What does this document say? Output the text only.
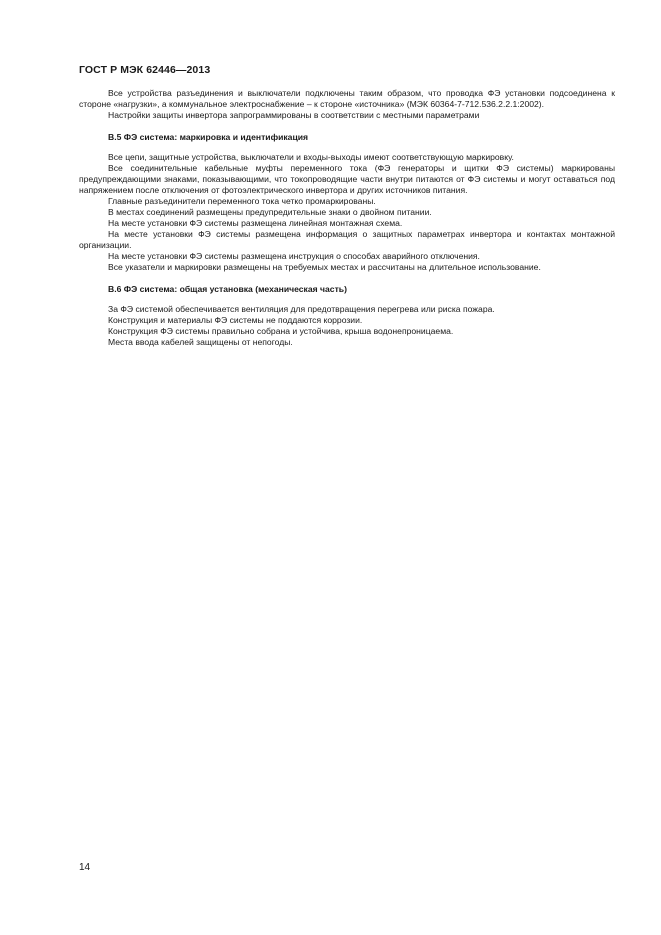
ГОСТ Р МЭК 62446—2013

Все устройства разъединения и выключатели подключены таким образом, что проводка ФЭ установки подсоединена к стороне «нагрузки», а коммунальное электроснабжение – к стороне «источника» (МЭК 60364-7-712.536.2.2.1:2002).

Настройки защиты инвертора запрограммированы в соответствии с местными параметрами

В.5 ФЭ система: маркировка и идентификация

Все цепи, защитные устройства, выключатели и входы-выходы имеют соответствующую маркировку.

Все соединительные кабельные муфты переменного тока (ФЭ генераторы и щитки ФЭ системы) маркированы предупреждающими знаками, показывающими, что токопроводящие части внутри питаются от ФЭ системы и могут оставаться под напряжением после отключения от фотоэлектрического инвертора и других источников питания.

Главные разъединители переменного тока четко промаркированы.

В местах соединений размещены предупредительные знаки о двойном питании.

На месте установки ФЭ системы размещена линейная монтажная схема.

На месте установки ФЭ системы размещена информация о защитных параметрах инвертора и контактах монтажной организации.

На месте установки ФЭ системы размещена инструкция о способах аварийного отключения.

Все указатели и маркировки размещены на требуемых местах и рассчитаны на длительное использование.

В.6 ФЭ система: общая установка (механическая часть)

За ФЭ системой обеспечивается вентиляция для предотвращения перегрева или риска пожара.

Конструкция и материалы ФЭ системы не поддаются коррозии.

Конструкция ФЭ системы правильно собрана и устойчива, крыша водонепроницаема.

Места ввода кабелей защищены от непогоды.

14
